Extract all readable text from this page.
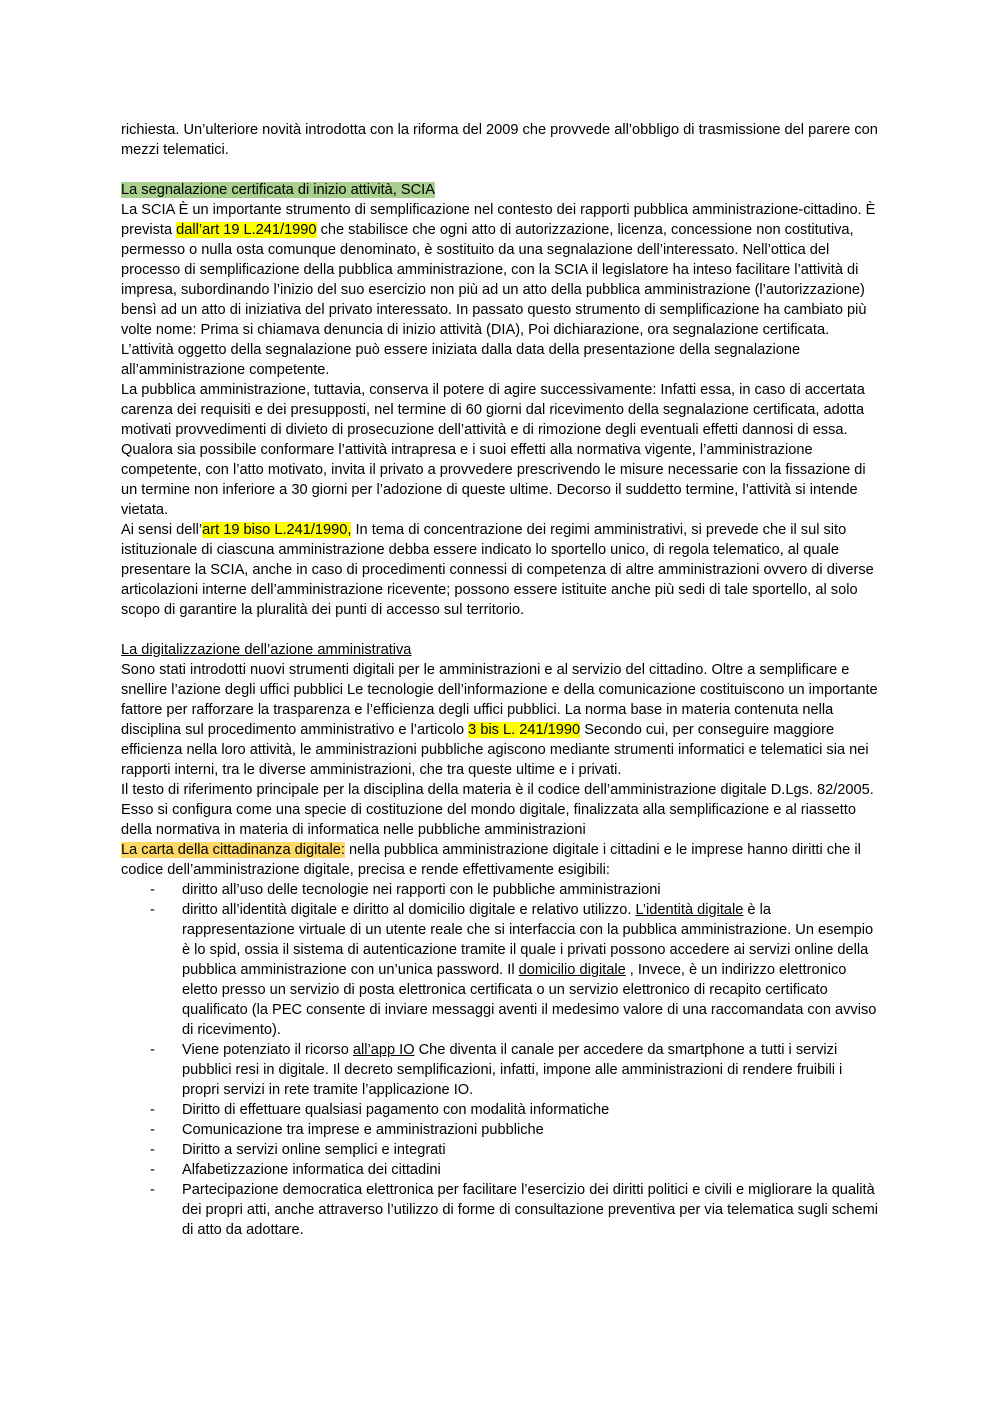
richiesta. Un’ulteriore novità introdotta con la riforma del 2009 che provvede all’obbligo di trasmissione del parere con mezzi telematici.

La segnalazione certificata di inizio attività, SCIA

La SCIA È un importante strumento di semplificazione nel contesto dei rapporti pubblica amministrazione-cittadino. È prevista dall’art 19 L.241/1990 che stabilisce che ogni atto di autorizzazione, licenza, concessione non costitutiva, permesso o nulla osta comunque denominato, è sostituito da una segnalazione dell’interessato. Nell’ottica del processo di semplificazione della pubblica amministrazione, con la SCIA il legislatore ha inteso facilitare l’attività di impresa, subordinando l’inizio del suo esercizio non più ad un atto della pubblica amministrazione (l’autorizzazione) bensì ad un atto di iniziativa del privato interessato. In passato questo strumento di semplificazione ha cambiato più volte nome: Prima si chiamava denuncia di inizio attività (DIA), Poi dichiarazione, ora segnalazione certificata.

L’attività oggetto della segnalazione può essere iniziata dalla data della presentazione della segnalazione all’amministrazione competente.

La pubblica amministrazione, tuttavia, conserva il potere di agire successivamente: Infatti essa, in caso di accertata carenza dei requisiti e dei presupposti, nel termine di 60 giorni dal ricevimento della segnalazione certificata, adotta motivati provvedimenti di divieto di prosecuzione dell’attività e di rimozione degli eventuali effetti dannosi di essa. Qualora sia possibile conformare l’attività intrapresa e i suoi effetti alla normativa vigente, l’amministrazione competente, con l’atto motivato, invita il privato a provvedere prescrivendo le misure necessarie con la fissazione di un termine non inferiore a 30 giorni per l’adozione di queste ultime. Decorso il suddetto termine, l’attività si intende vietata.

Ai sensi dell’art 19 biso L.241/1990, In tema di concentrazione dei regimi amministrativi, si prevede che il sul sito istituzionale di ciascuna amministrazione debba essere indicato lo sportello unico, di regola telematico, al quale presentare la SCIA, anche in caso di procedimenti connessi di competenza di altre amministrazioni ovvero di diverse articolazioni interne dell’amministrazione ricevente; possono essere istituite anche più sedi di tale sportello, al solo scopo di garantire la pluralità dei punti di accesso sul territorio.

La digitalizzazione dell’azione amministrativa

Sono stati introdotti nuovi strumenti digitali per le amministrazioni e al servizio del cittadino. Oltre a semplificare e snellire l’azione degli uffici pubblici Le tecnologie dell’informazione e della comunicazione costituiscono un importante fattore per rafforzare la trasparenza e l’efficienza degli uffici pubblici. La norma base in materia contenuta nella disciplina sul procedimento amministrativo e l’articolo 3 bis L. 241/1990 Secondo cui, per conseguire maggiore efficienza nella loro attività, le amministrazioni pubbliche agiscono mediante strumenti informatici e telematici sia nei rapporti interni, tra le diverse amministrazioni, che tra queste ultime e i privati.

Il testo di riferimento principale per la disciplina della materia è il codice dell’amministrazione digitale D.Lgs. 82/2005. Esso si configura come una specie di costituzione del mondo digitale, finalizzata alla semplificazione e al riassetto della normativa in materia di informatica nelle pubbliche amministrazioni

La carta della cittadinanza digitale: nella pubblica amministrazione digitale i cittadini e le imprese hanno diritti che il codice dell’amministrazione digitale, precisa e rende effettivamente esigibili:

- diritto all’uso delle tecnologie nei rapporti con le pubbliche amministrazioni
- diritto all’identità digitale e diritto al domicilio digitale e relativo utilizzo. L’identità digitale è la rappresentazione virtuale di un utente reale che si interfaccia con la pubblica amministrazione. Un esempio è lo spid, ossia il sistema di autenticazione tramite il quale i privati possono accedere ai servizi online della pubblica amministrazione con un’unica password. Il domicilio digitale , Invece, è un indirizzo elettronico eletto presso un servizio di posta elettronica certificata o un servizio elettronico di recapito certificato qualificato (la PEC consente di inviare messaggi aventi il medesimo valore di una raccomandata con avviso di ricevimento).
- Viene potenziato il ricorso all’app IO Che diventa il canale per accedere da smartphone a tutti i servizi pubblici resi in digitale. Il decreto semplificazioni, infatti, impone alle amministrazioni di rendere fruibili i propri servizi in rete tramite l’applicazione IO.
- Diritto di effettuare qualsiasi pagamento con modalità informatiche
- Comunicazione tra imprese e amministrazioni pubbliche
- Diritto a servizi online semplici e integrati
- Alfabetizzazione informatica dei cittadini
- Partecipazione democratica elettronica per facilitare l’esercizio dei diritti politici e civili e migliorare la qualità dei propri atti, anche attraverso l’utilizzo di forme di consultazione preventiva per via telematica sugli schemi di atto da adottare.
